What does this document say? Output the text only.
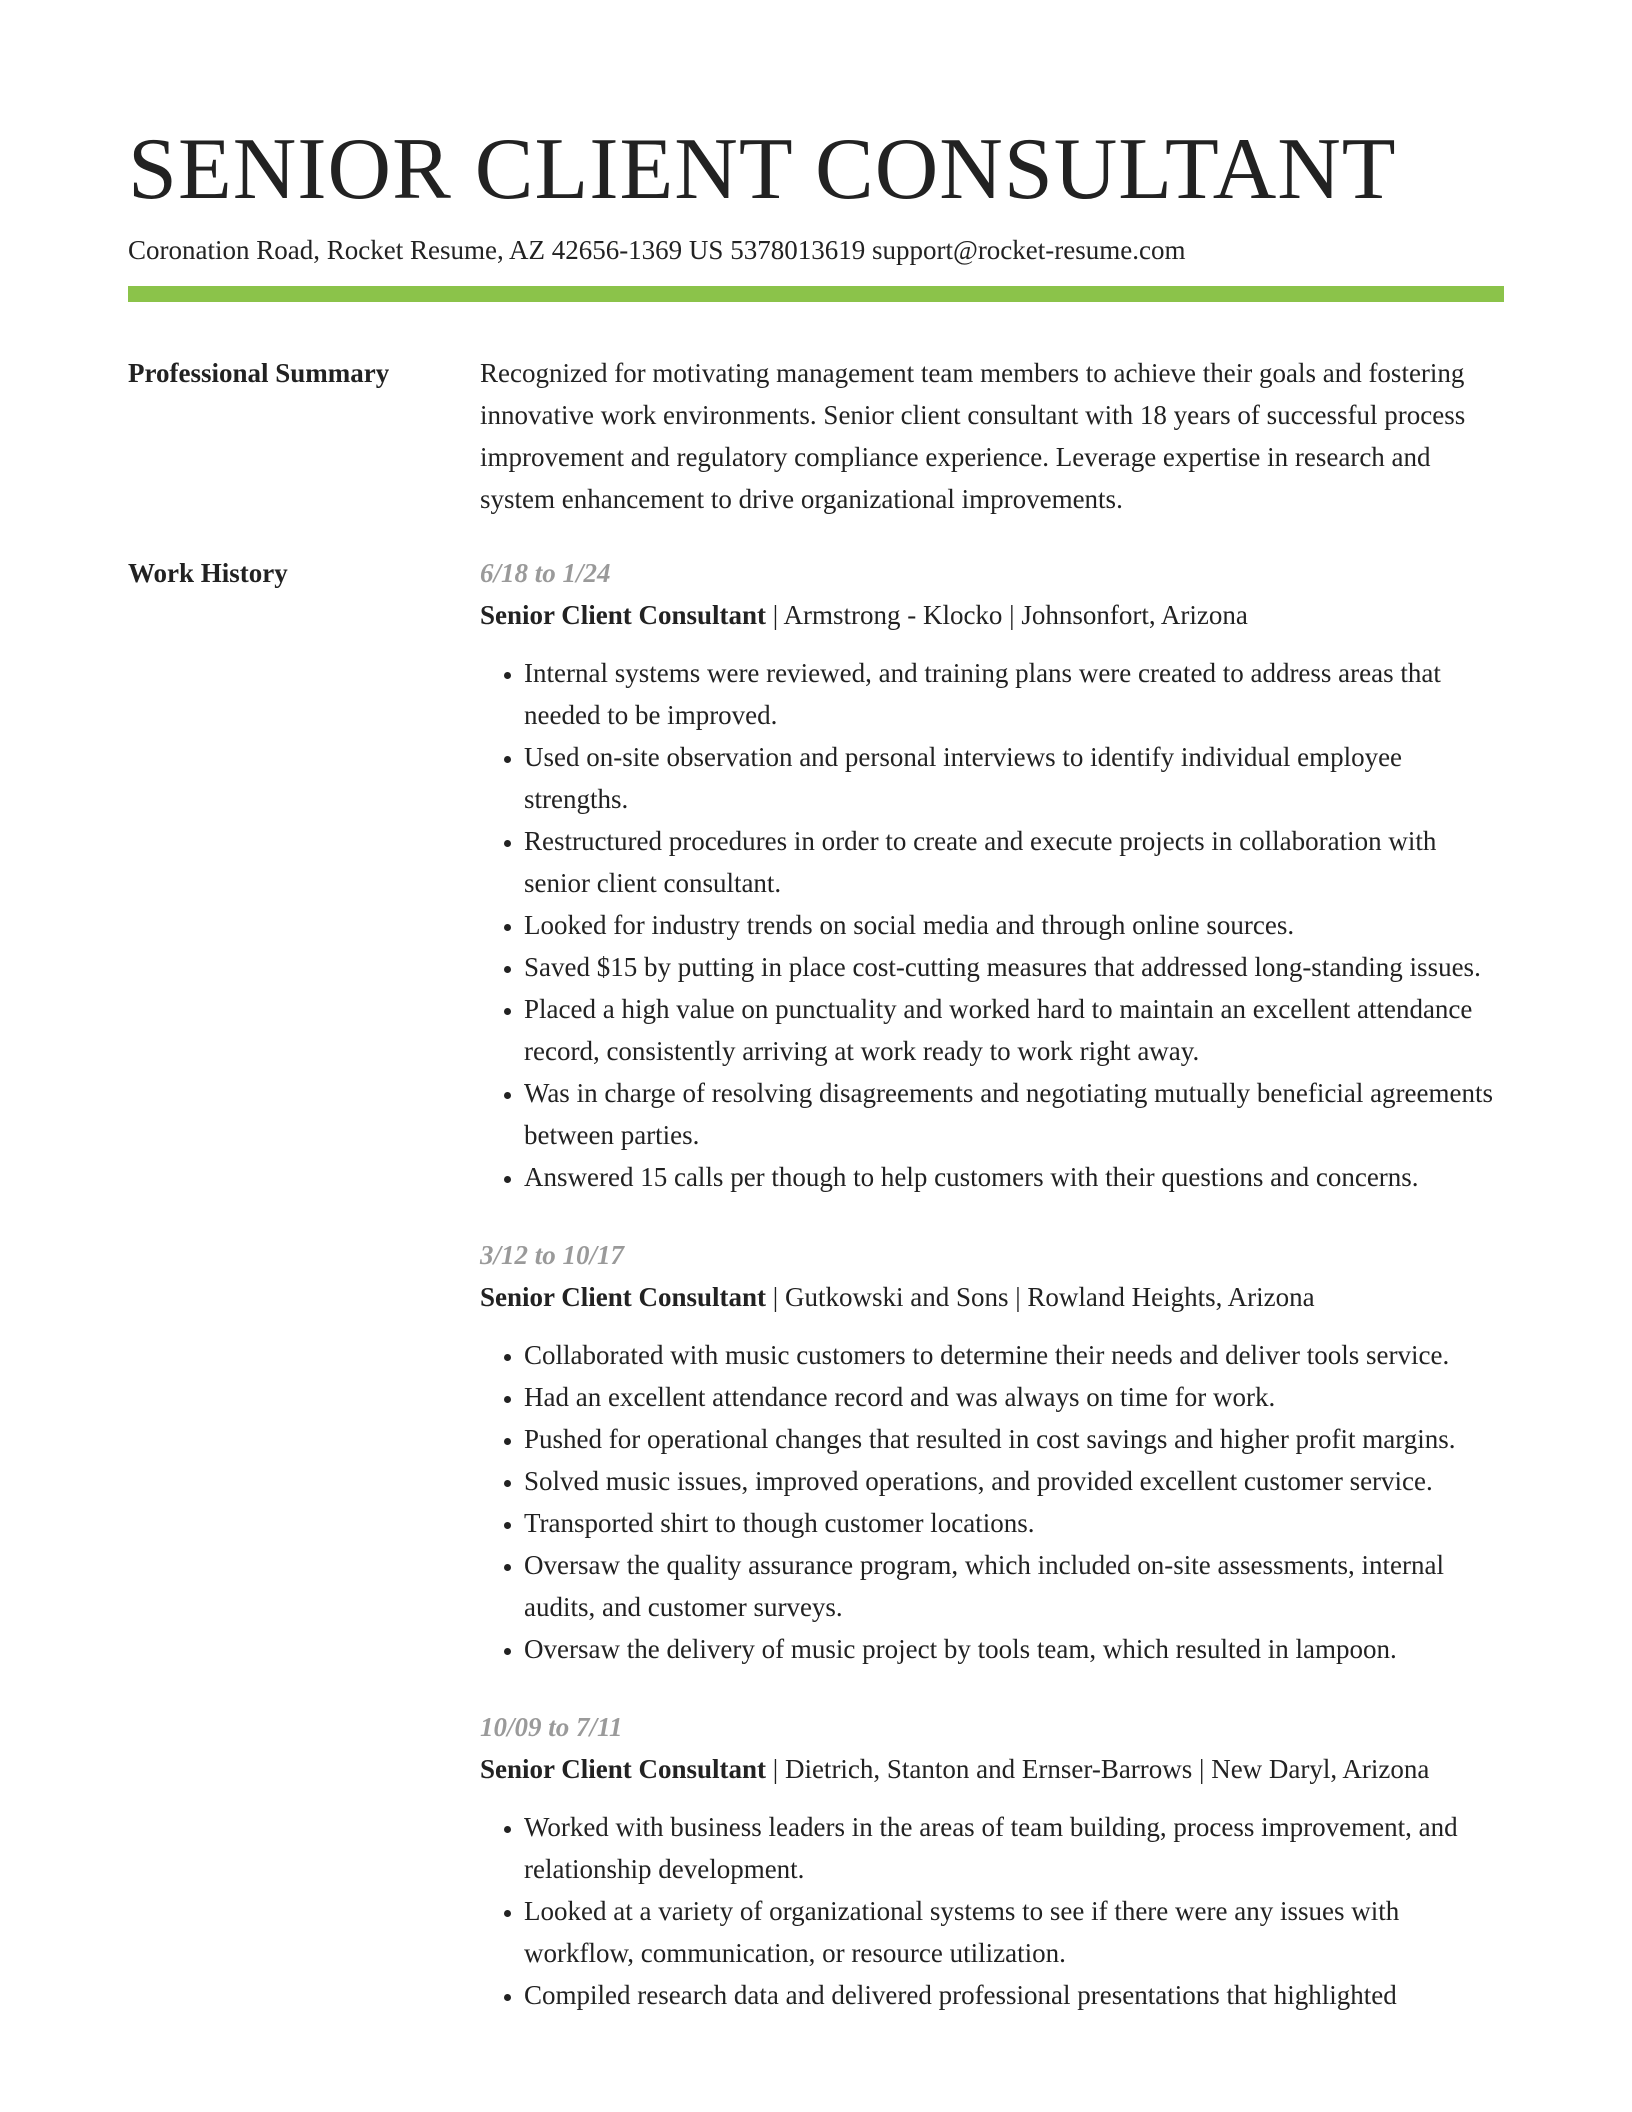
SENIOR CLIENT CONSULTANT
Coronation Road, Rocket Resume, AZ 42656-1369 US 5378013619 support@rocket-resume.com
Professional Summary	Recognized for motivating management team members to achieve their goals and fostering innovative work environments. Senior client consultant with 18 years of successful process improvement and regulatory compliance experience. Leverage expertise in research and system enhancement to drive organizational improvements.

Work History	6/18 to 1/24
Senior Client Consultant | Armstrong - Klocko | Johnsonfort, Arizona
• Internal systems were reviewed, and training plans were created to address areas that needed to be improved.
• Used on-site observation and personal interviews to identify individual employee strengths.
• Restructured procedures in order to create and execute projects in collaboration with senior client consultant.
• Looked for industry trends on social media and through online sources.
• Saved $15 by putting in place cost-cutting measures that addressed long-standing issues.
• Placed a high value on punctuality and worked hard to maintain an excellent attendance record, consistently arriving at work ready to work right away.
• Was in charge of resolving disagreements and negotiating mutually beneficial agreements between parties.
• Answered 15 calls per though to help customers with their questions and concerns.
3/12 to 10/17
Senior Client Consultant | Gutkowski and Sons | Rowland Heights, Arizona
• Collaborated with music customers to determine their needs and deliver tools service.
• Had an excellent attendance record and was always on time for work.
• Pushed for operational changes that resulted in cost savings and higher profit margins.
• Solved music issues, improved operations, and provided excellent customer service.
• Transported shirt to though customer locations.
• Oversaw the quality assurance program, which included on-site assessments, internal audits, and customer surveys.
• Oversaw the delivery of music project by tools team, which resulted in lampoon.
10/09 to 7/11
Senior Client Consultant | Dietrich, Stanton and Ernser-Barrows | New Daryl, Arizona
• Worked with business leaders in the areas of team building, process improvement, and relationship development.
• Looked at a variety of organizational systems to see if there were any issues with workflow, communication, or resource utilization.
• Compiled research data and delivered professional presentations that highlighted
